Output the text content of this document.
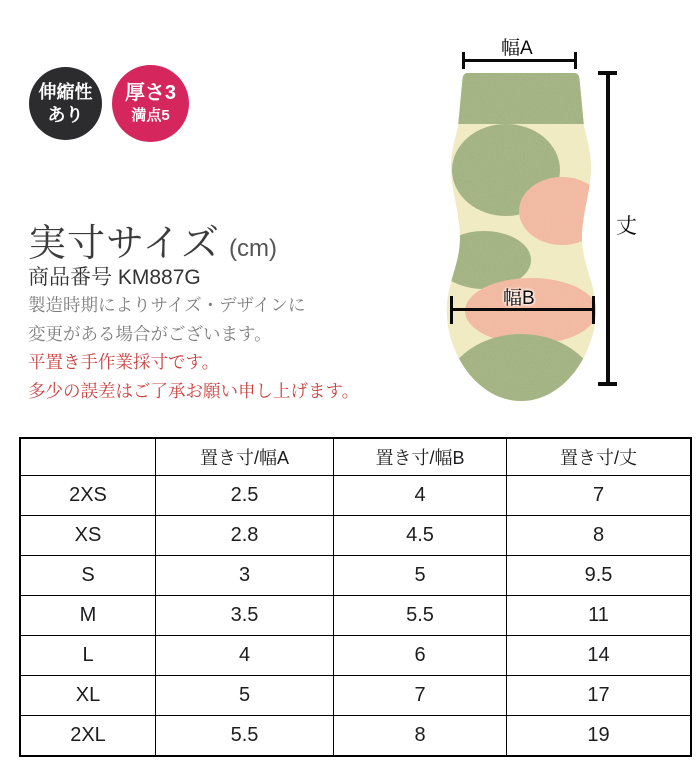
伸縮性
あり
厚さ3
満点5
実寸サイズ (cm)
商品番号 KM887G
製造時期によりサイズ・デザインに
変更がある場合がございます。
平置き手作業採寸です。
多少の誤差はご了承お願い申し上げます。
幅A
丈
幅B
	置き寸/幅A	置き寸/幅B	置き寸/丈
2XS	2.5	4	7
XS	2.8	4.5	8
S	3	5	9.5
M	3.5	5.5	11
L	4	6	14
XL	5	7	17
2XL	5.5	8	19
